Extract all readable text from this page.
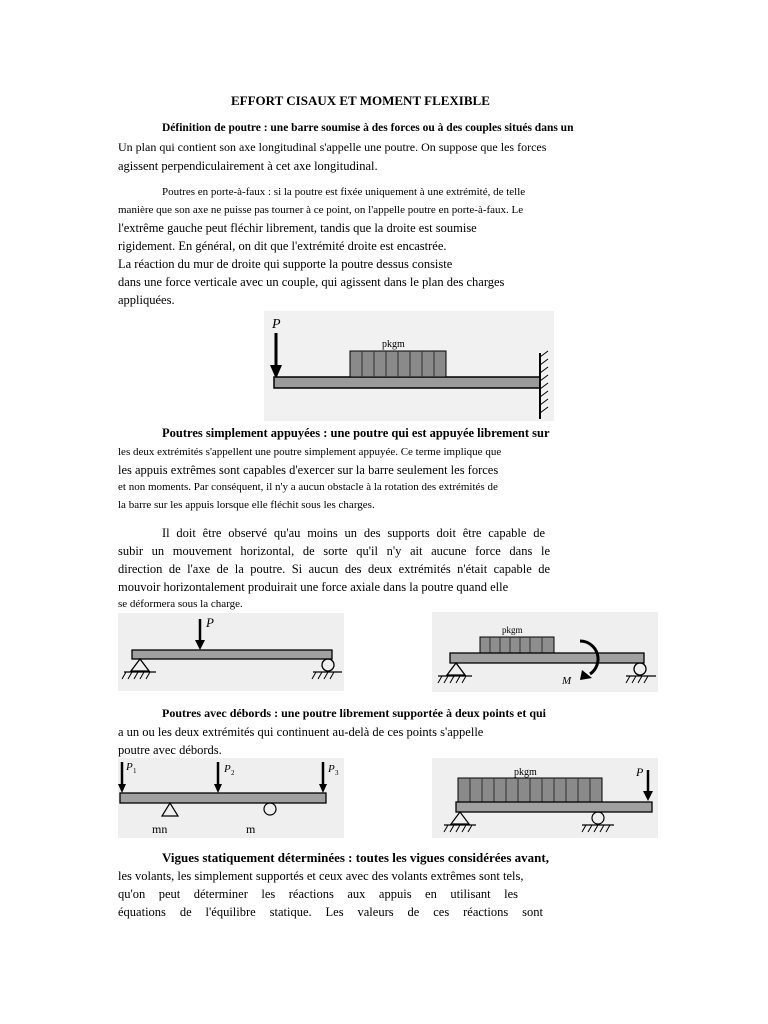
EFFORT CISAUX ET MOMENT FLEXIBLE
Définition de poutre : une barre soumise à des forces ou à des couples situés dans un
Un plan qui contient son axe longitudinal s'appelle une poutre. On suppose que les forces
agissent perpendiculairement à cet axe longitudinal.
Poutres en porte-à-faux : si la poutre est fixée uniquement à une extrémité, de telle
manière que son axe ne puisse pas tourner à ce point, on l'appelle poutre en porte-à-faux. Le
l'extrême gauche peut fléchir librement, tandis que la droite est soumise
rigidement. En général, on dit que l'extrémité droite est encastrée.
La réaction du mur de droite qui supporte la poutre dessus consiste
dans une force verticale avec un couple, qui agissent dans le plan des charges
appliquées.
P
pkgm
Poutres simplement appuyées : une poutre qui est appuyée librement sur
les deux extrémités s'appellent une poutre simplement appuyée. Ce terme implique que
les appuis extrêmes sont capables d'exercer sur la barre seulement les forces
et non moments. Par conséquent, il n'y a aucun obstacle à la rotation des extrémités de
la barre sur les appuis lorsque elle fléchit sous les charges.
Il doit être observé qu'au moins un des supports doit être capable de
subir un mouvement horizontal, de sorte qu'il n'y ait aucune force dans le
direction de l'axe de la poutre. Si aucun des deux extrémités n'était capable de
mouvoir horizontalement produirait une force axiale dans la poutre quand elle
se déformera sous la charge.
P	pkgm
M
Poutres avec débords : une poutre librement supportée à deux points et qui
a un ou les deux extrémités qui continuent au-delà de ces points s'appelle
poutre avec débords.
P 1	P 2	P 3
mn	m
pkgm	P
Vigues statiquement déterminées : toutes les vigues considérées avant,
les volants, les simplement supportés et ceux avec des volants extrêmes sont tels,
qu'on peut déterminer les réactions aux appuis en utilisant les
équations de l'équilibre statique. Les valeurs de ces réactions sont
